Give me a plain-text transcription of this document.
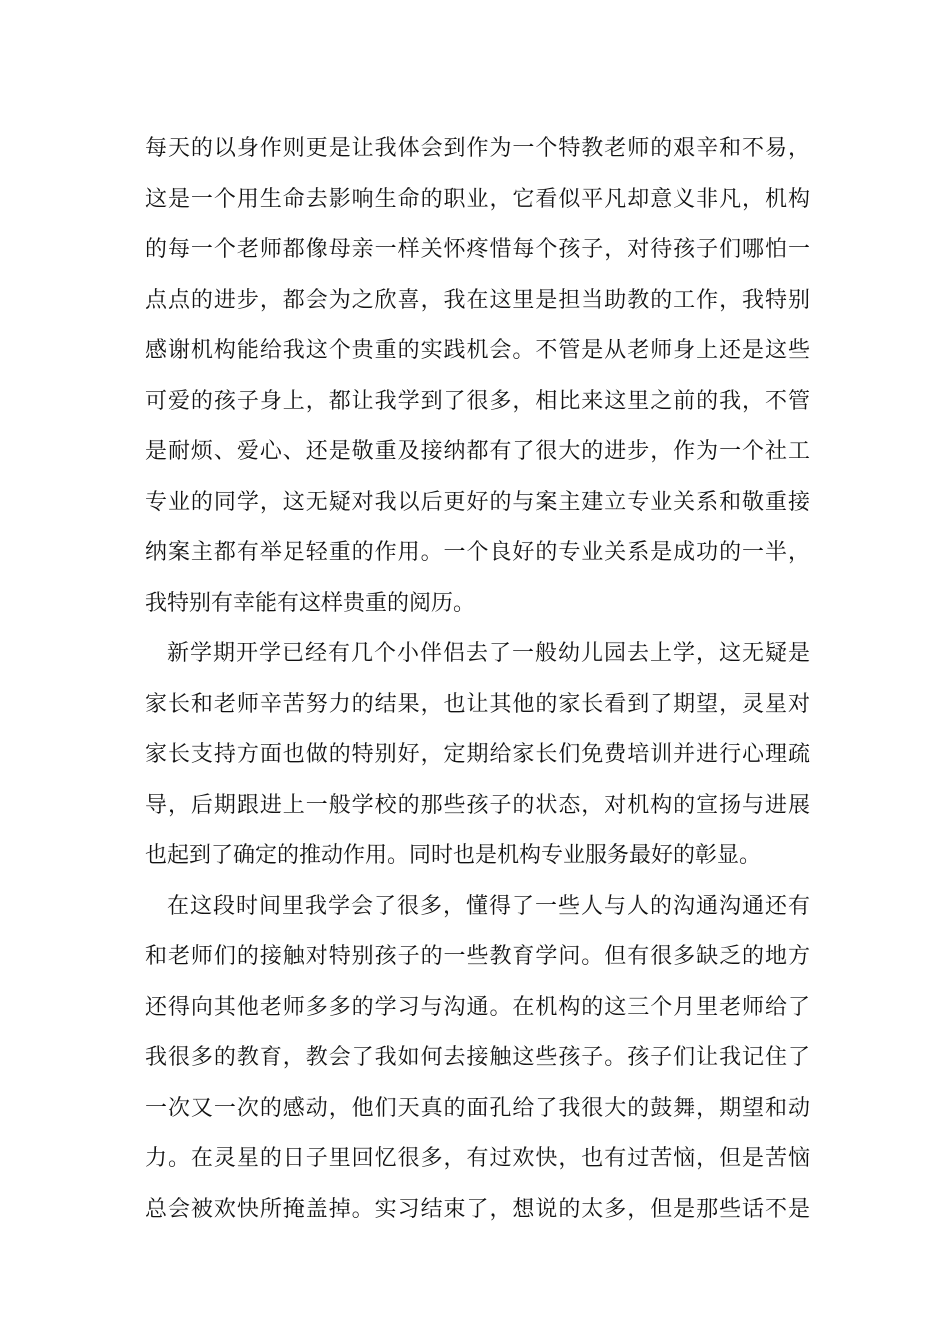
每天的以身作则更是让我体会到作为一个特教老师的艰辛和不易，
这是一个用生命去影响生命的职业，它看似平凡却意义非凡，机构
的每一个老师都像母亲一样关怀疼惜每个孩子，对待孩子们哪怕一
点点的进步，都会为之欣喜，我在这里是担当助教的工作，我特别
感谢机构能给我这个贵重的实践机会。不管是从老师身上还是这些
可爱的孩子身上，都让我学到了很多，相比来这里之前的我，不管
是耐烦、爱心、还是敬重及接纳都有了很大的进步，作为一个社工
专业的同学，这无疑对我以后更好的与案主建立专业关系和敬重接
纳案主都有举足轻重的作用。一个良好的专业关系是成功的一半，
我特别有幸能有这样贵重的阅历。
新学期开学已经有几个小伴侣去了一般幼儿园去上学，这无疑是
家长和老师辛苦努力的结果，也让其他的家长看到了期望，灵星对
家长支持方面也做的特别好，定期给家长们免费培训并进行心理疏
导，后期跟进上一般学校的那些孩子的状态，对机构的宣扬与进展
也起到了确定的推动作用。同时也是机构专业服务最好的彰显。
在这段时间里我学会了很多，懂得了一些人与人的沟通沟通还有
和老师们的接触对特别孩子的一些教育学问。但有很多缺乏的地方
还得向其他老师多多的学习与沟通。在机构的这三个月里老师给了
我很多的教育，教会了我如何去接触这些孩子。孩子们让我记住了
一次又一次的感动，他们天真的面孔给了我很大的鼓舞，期望和动
力。在灵星的日子里回忆很多，有过欢快，也有过苦恼，但是苦恼
总会被欢快所掩盖掉。实习结束了，想说的太多，但是那些话不是
